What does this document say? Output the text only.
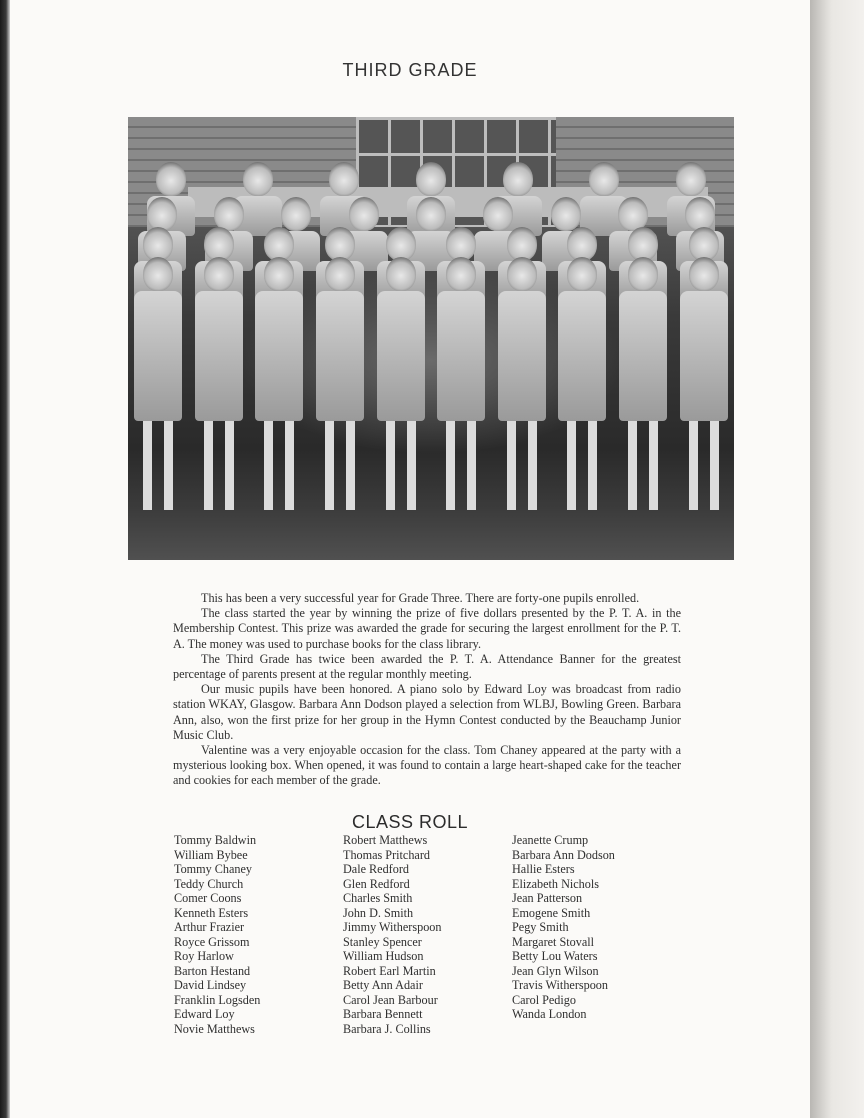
THIRD GRADE

This has been a very successful year for Grade Three. There are forty-one pupils enrolled.

The class started the year by winning the prize of five dollars presented by the P. T. A. in the Membership Contest. This prize was awarded the grade for securing the largest enrollment for the P. T. A. The money was used to purchase books for the class library.

The Third Grade has twice been awarded the P. T. A. Attendance Banner for the greatest percentage of parents present at the regular monthly meeting.

Our music pupils have been honored. A piano solo by Edward Loy was broadcast from radio station WKAY, Glasgow. Barbara Ann Dodson played a selection from WLBJ, Bowling Green. Barbara Ann, also, won the first prize for her group in the Hymn Contest conducted by the Beauchamp Junior Music Club.

Valentine was a very enjoyable occasion for the class. Tom Chaney appeared at the party with a mysterious looking box. When opened, it was found to contain a large heart-shaped cake for the teacher and cookies for each member of the grade.

CLASS ROLL
Tommy Baldwin
William Bybee
Tommy Chaney
Teddy Church
Comer Coons
Kenneth Esters
Arthur Frazier
Royce Grissom
Roy Harlow
Barton Hestand
David Lindsey
Franklin Logsden
Edward Loy
Novie Matthews
Robert Matthews
Thomas Pritchard
Dale Redford
Glen Redford
Charles Smith
John D. Smith
Jimmy Witherspoon
Stanley Spencer
William Hudson
Robert Earl Martin
Betty Ann Adair
Carol Jean Barbour
Barbara Bennett
Barbara J. Collins
Jeanette Crump
Barbara Ann Dodson
Hallie Esters
Elizabeth Nichols
Jean Patterson
Emogene Smith
Pegy Smith
Margaret Stovall
Betty Lou Waters
Jean Glyn Wilson
Travis Witherspoon
Carol Pedigo
Wanda London
